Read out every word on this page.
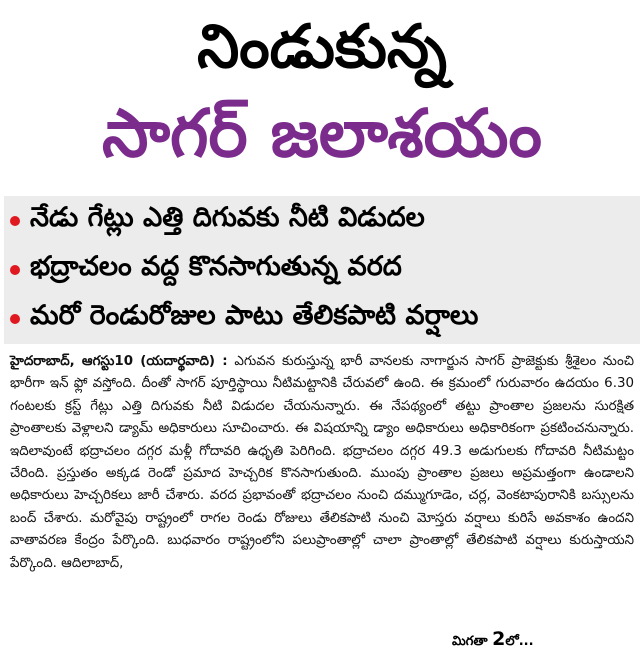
నిండుకున్న
సాగర్ జలాశయం
నేడు గేట్లు ఎత్తి దిగువకు నీటి విడుదల
భద్రాచలం వద్ద కొనసాగుతున్న వరద
మరో రెండురోజుల పాటు తేలికపాటి వర్షాలు
హైదరాబాద్, ఆగస్టు10 (యదార్థవాది) : ఎగువన కురుస్తున్న భారీ వానలకు నాగార్జున సాగర్ ప్రాజెక్టుకు శ్రీశైలం నుంచి భారీగా ఇన్ ఫ్లో వస్తోంది. దీంతో సాగర్ పూర్తిస్థాయి నీటిమట్టానికి చేరువలో ఉంది. ఈ క్రమంలో గురువారం ఉదయం 6.30 గంటలకు క్రస్ట్ గేట్లు ఎత్తి దిగువకు నీటి విడుదల చేయనున్నారు. ఈ నేపథ్యంలో తట్టు ప్రాంతాల ప్రజలను సురక్షిత ప్రాంతాలకు వెళ్లాలని డ్యామ్ అధికారులు సూచించారు. ఈ విషయాన్ని డ్యాం అధికారులు అధికారికంగా ప్రకటించనున్నారు. ఇదిలావుంటే భద్రాచలం దగ్గర మళ్లీ గోదావరి ఉధృతి పెరిగింది. భద్రాచలం దగ్గర 49.3 అడుగులకు గోదావరి నీటిమట్టం చేరింది. ప్రస్తుతం అక్కడ రెండో ప్రమాద హెచ్చరిక కొనసాగుతుంది. ముంపు ప్రాంతాల ప్రజలు అప్రమత్తంగా ఉండాలని అధికారులు హెచ్చరికలు జారీ చేశారు. వరద ప్రభావంతో భద్రాచలం నుంచి దమ్ముగూడెం, చర్ల, వెంకటాపురానికి బస్సులను బంద్ చేశారు. మరోవైపు రాష్ట్రంలో రాగల రెండు రోజులు తేలికపాటి నుంచి మోస్తరు వర్షాలు కురిసే అవకాశం ఉందని వాతావరణ కేంద్రం పేర్కొంది. బుధవారం రాష్ట్రంలోని పలుప్రాంతాల్లో చాలా ప్రాంతాల్లో తేలికపాటి వర్షాలు కురుస్తాయని పేర్కొంది. ఆదిలాబాద్,
మిగతా 2లో...
